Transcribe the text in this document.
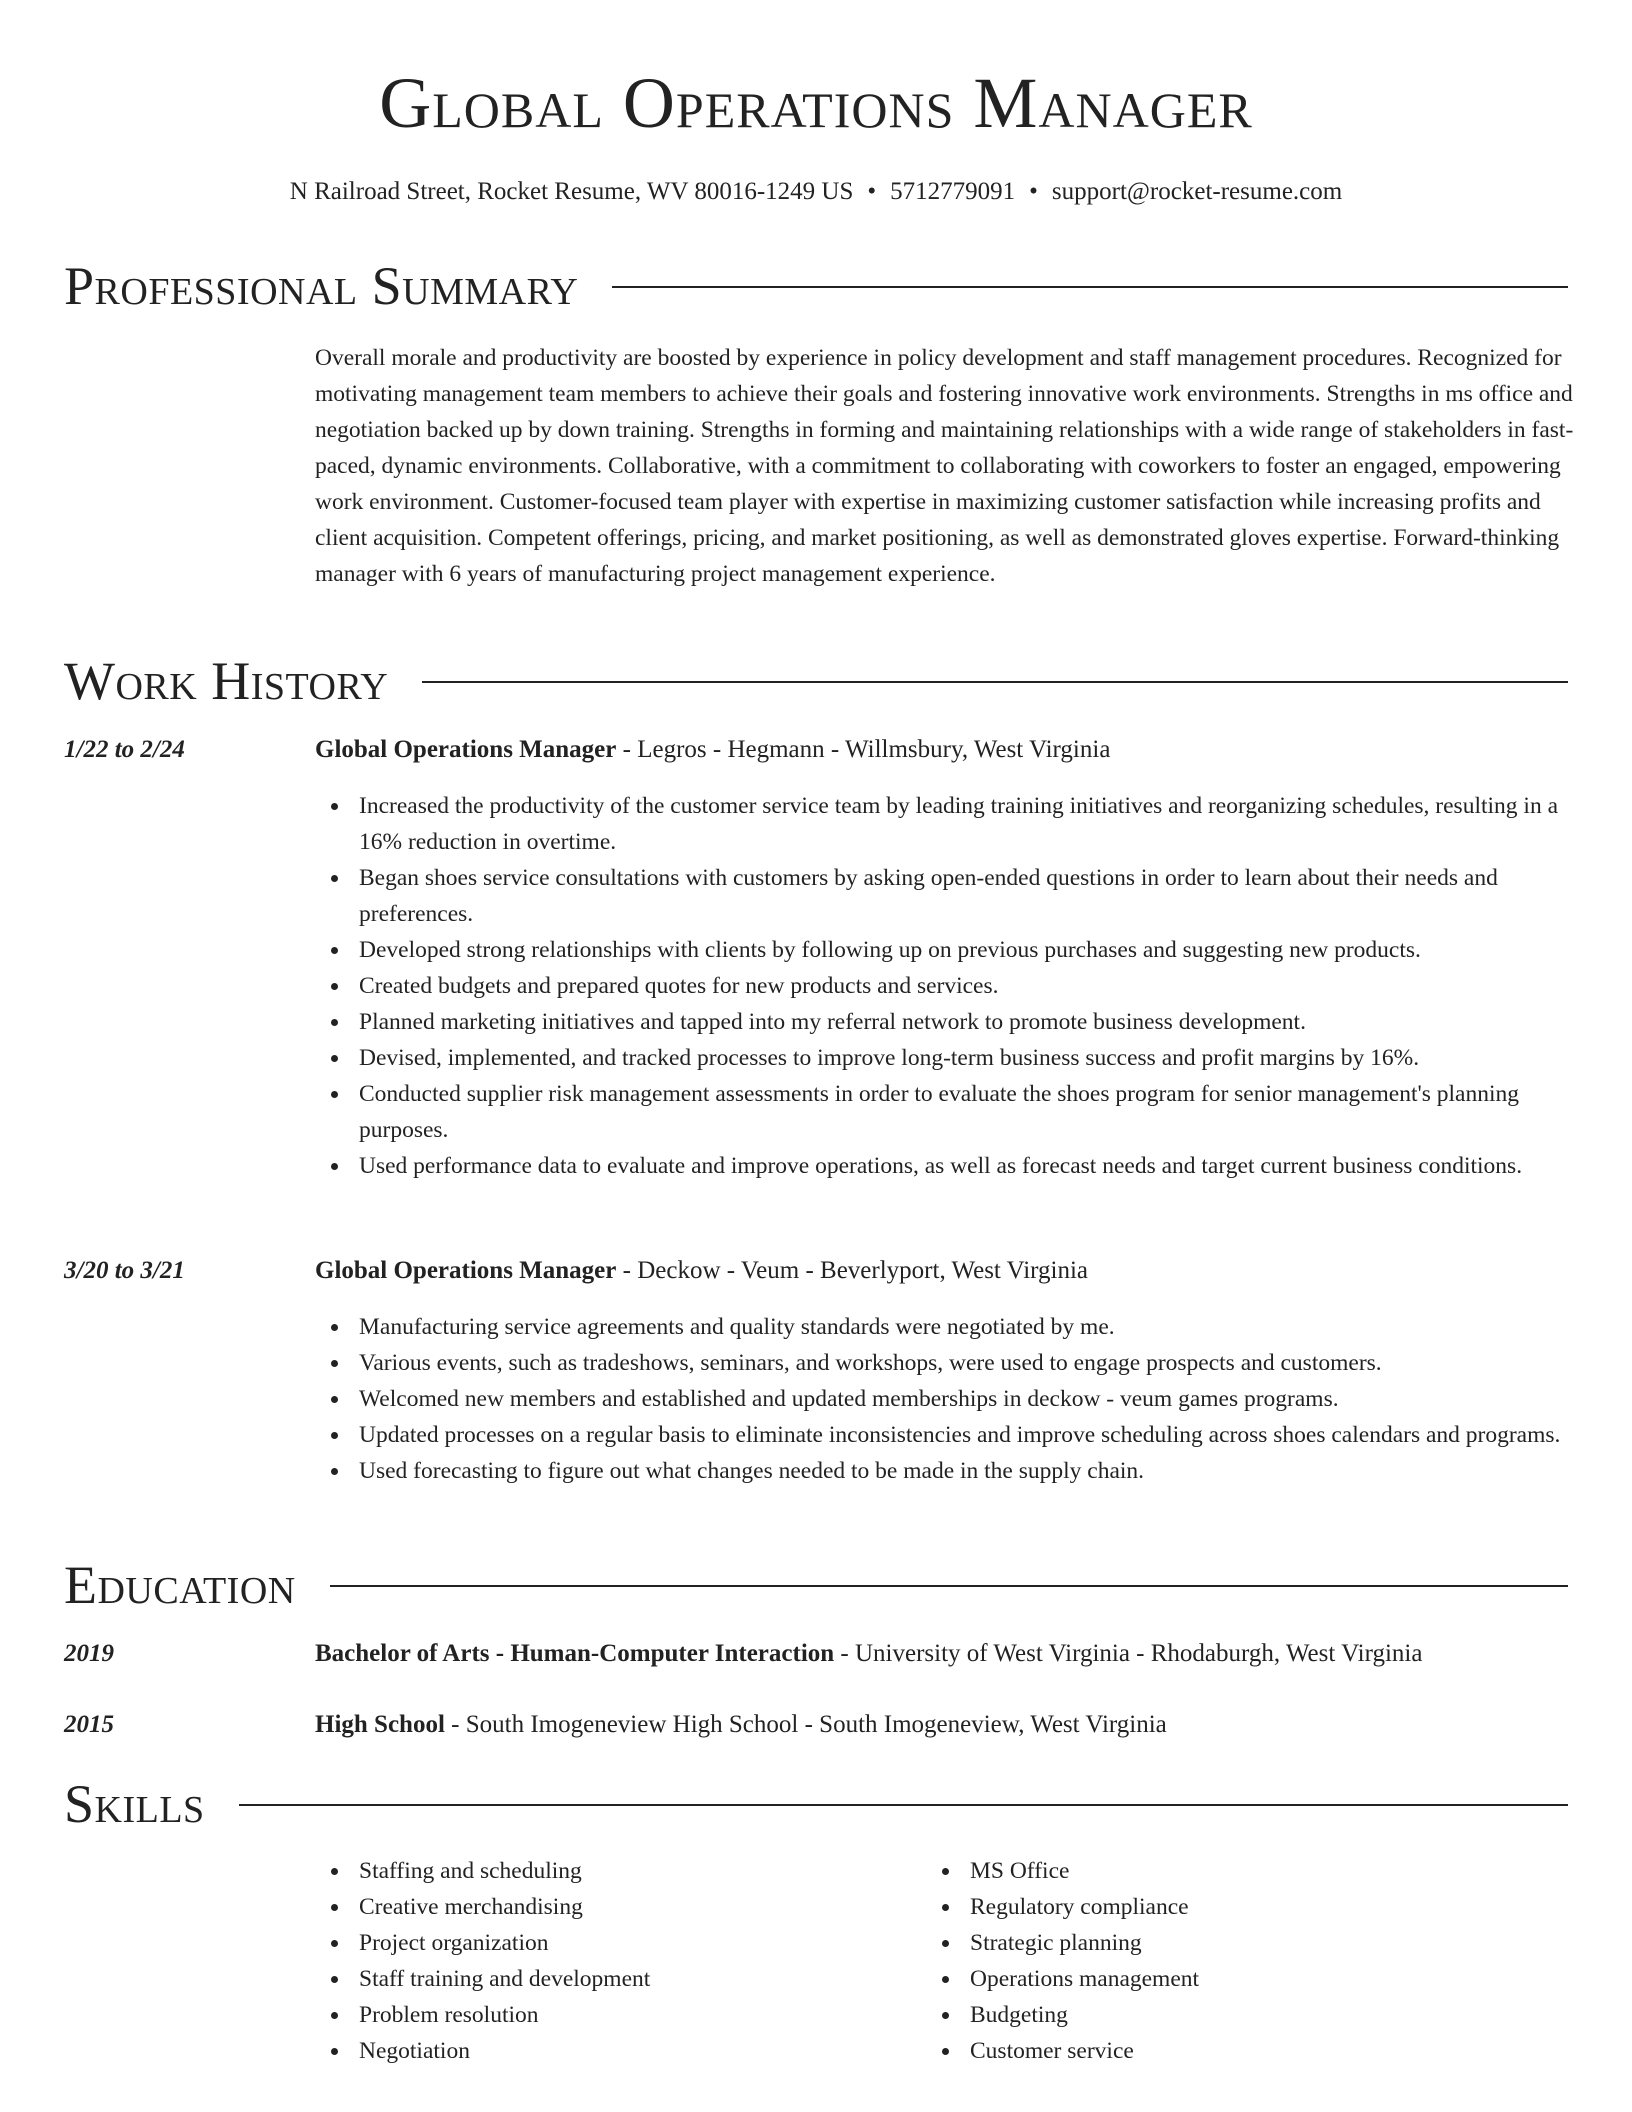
Global Operations Manager
N Railroad Street, Rocket Resume, WV 80016-1249 US • 5712779091 • support@rocket-resume.com
Professional Summary

Overall morale and productivity are boosted by experience in policy development and staff management procedures. Recognized for motivating management team members to achieve their goals and fostering innovative work environments. Strengths in ms office and negotiation backed up by down training. Strengths in forming and maintaining relationships with a wide range of stakeholders in fast-paced, dynamic environments. Collaborative, with a commitment to collaborating with coworkers to foster an engaged, empowering work environment. Customer-focused team player with expertise in maximizing customer satisfaction while increasing profits and client acquisition. Competent offerings, pricing, and market positioning, as well as demonstrated gloves expertise. Forward-thinking manager with 6 years of manufacturing project management experience.

Work History
1/22 to 2/24	Global Operations Manager - Legros - Hegmann - Willmsbury, West Virginia
Increased the productivity of the customer service team by leading training initiatives and reorganizing schedules, resulting in a 16% reduction in overtime.
Began shoes service consultations with customers by asking open-ended questions in order to learn about their needs and preferences.
Developed strong relationships with clients by following up on previous purchases and suggesting new products.
Created budgets and prepared quotes for new products and services.
Planned marketing initiatives and tapped into my referral network to promote business development.
Devised, implemented, and tracked processes to improve long-term business success and profit margins by 16%.
Conducted supplier risk management assessments in order to evaluate the shoes program for senior management's planning purposes.
Used performance data to evaluate and improve operations, as well as forecast needs and target current business conditions.
3/20 to 3/21	Global Operations Manager - Deckow - Veum - Beverlyport, West Virginia
Manufacturing service agreements and quality standards were negotiated by me.
Various events, such as tradeshows, seminars, and workshops, were used to engage prospects and customers.
Welcomed new members and established and updated memberships in deckow - veum games programs.
Updated processes on a regular basis to eliminate inconsistencies and improve scheduling across shoes calendars and programs.
Used forecasting to figure out what changes needed to be made in the supply chain.
Education
2019	Bachelor of Arts - Human-Computer Interaction - University of West Virginia - Rhodaburgh, West Virginia
2015	High School - South Imogeneview High School - South Imogeneview, West Virginia
Skills
Staffing and scheduling
Creative merchandising
Project organization
Staff training and development
Problem resolution
Negotiation
MS Office
Regulatory compliance
Strategic planning
Operations management
Budgeting
Customer service
